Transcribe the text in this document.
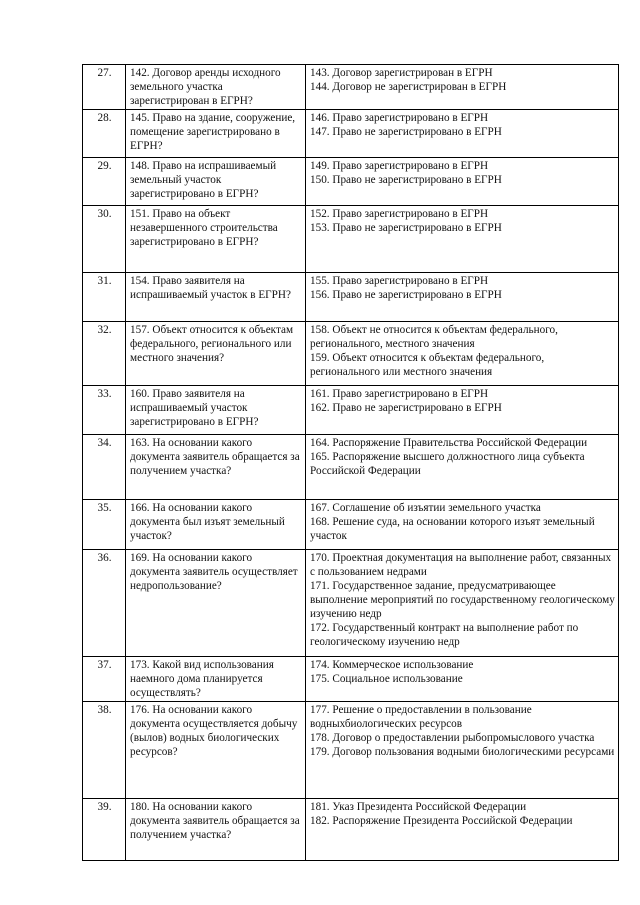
27.	142. Договор аренды исходного земельного участка зарегистрирован в ЕГРН?	143. Договор зарегистрирован в ЕГРН
144. Договор не зарегистрирован в ЕГРН

28.	145. Право на здание, сооружение, помещение зарегистрировано в ЕГРН?	146. Право зарегистрировано в ЕГРН
147. Право не зарегистрировано в ЕГРН

29.	148. Право на испрашиваемый земельный участок зарегистрировано в ЕГРН?	149. Право зарегистрировано в ЕГРН
150. Право не зарегистрировано в ЕГРН

30.	151. Право на объект незавершенного строительства зарегистрировано в ЕГРН?	152. Право зарегистрировано в ЕГРН
153. Право не зарегистрировано в ЕГРН

31.	154. Право заявителя на испрашиваемый участок в ЕГРН?	155. Право зарегистрировано в ЕГРН
156. Право не зарегистрировано в ЕГРН

32.	157. Объект относится к объектам федерального, регионального или местного значения?	158. Объект не относится к объектам федерального, регионального, местного значения
159. Объект относится к объектам федерального, регионального или местного значения

33.	160. Право заявителя на испрашиваемый участок зарегистрировано в ЕГРН?	161. Право зарегистрировано в ЕГРН
162. Право не зарегистрировано в ЕГРН

34.	163. На основании какого документа заявитель обращается за получением участка?	164. Распоряжение Правительства Российской Федерации
165. Распоряжение высшего должностного лица субъекта Российской Федерации

35.	166. На основании какого документа был изъят земельный участок?	167. Соглашение об изъятии земельного участка
168. Решение суда, на основании которого изъят земельный участок

36.	169. На основании какого документа заявитель осуществляет недропользование?	170. Проектная документация на выполнение работ, связанных с пользованием недрами
171. Государственное задание, предусматривающее выполнение мероприятий по государственному геологическому изучению недр
172. Государственный контракт на выполнение работ по геологическому изучению недр

37.	173. Какой вид использования наемного дома планируется осуществлять?	174. Коммерческое использование
175. Социальное использование

38.	176. На основании какого документа осуществляется добычу (вылов) водных биологических ресурсов?	177. Решение о предоставлении в пользование водныхбиологических ресурсов
178. Договор о предоставлении рыбопромыслового участка
179. Договор пользования водными биологическими ресурсами

39.	180. На основании какого документа заявитель обращается за получением участка?	181. Указ Президента Российской Федерации
182. Распоряжение Президента Российской Федерации
